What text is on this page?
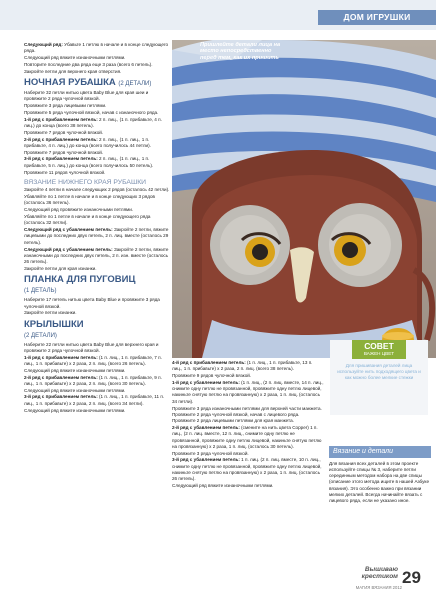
ДОМ ИГРУШКИ

Следующий ряд: Убавьте 1 петлю в начале и в конце следующего ряда.

Следующий ряд вяжите изнаночными петлями.

Повторите последние два ряда еще 3 раза (всего 6 петель).

Закройте петли для верхнего края отверстия.

НОЧНАЯ РУБАШКА (2 ДЕТАЛИ)

Наберите 32 петли нитью цвета Baby Blue для края шеи и провяжите 2 ряда чулочной вязкой.

Провяжите 3 ряда лицевыми петлями.

Провяжите 5 ряда чулочной вязкой, начав с изнаночного ряда.

1-й ряд с прибавлением петель: 2 п. лиц., (1 п. прибавьте, 4 п. лиц.) до конца (всего 38 петель).

Провяжите 7 рядов чулочной вязкой.

2-й ряд с прибавлением петель: 2 п. лиц., (1 п. лиц., 1 п. прибавьте, 4 п. лиц.) до конца (всего получилось 44 петли).

Провяжите 7 рядов чулочной вязкой.

3-й ряд с прибавлением петель: 2 п. лиц., (1 п. лиц., 1 п. прибавьте, 5 п. лиц.) до конца (всего получилось 50 петель).

Провяжите 11 рядов чулочной вязкой.

ВЯЗАНИЕ НИЖНЕГО КРАЯ РУБАШКИ

Закройте 4 петли в начале следующих 2 рядов (осталось 42 петли).

Убавляйте по 1 петле в начале и в конце следующих 3 рядов (осталось 36 петель).

Следующий ряд провяжите изнаночными петлями.

Убавляйте по 1 петле в начале и в конце следующего ряда (осталось 32 петли).

Следующий ряд с убавлением петель: Закройте 2 петли, вяжите лицевыми до последних двух петель, 2 п. лиц. вместе (осталось 29 петель).

Следующий ряд с убавлением петель: Закройте 2 петли, вяжите изнаночными до последних двух петель, 2 п. изн. вместе (осталось 26 петель).

Закройте петли для края изнанки.

ПЛАНКА ДЛЯ ПУГОВИЦ
(1 ДЕТАЛЬ)

Наберите 17 петель нитью цвета Baby Blue и провяжите 3 ряда чулочной вязкой.

Закройте петли изнанки.

КРЫЛЫШКИ
(2 ДЕТАЛИ)

Наберите 22 петли нитью цвета Baby Blue для верхнего края и провяжите 2 ряда чулочной вязкой.

1-й ряд с прибавлением петель: (1 п. лиц., 1 п. прибавьте, 7 п. лиц., 1 п. прибавьте) х 2 раза, 2 п. лиц. (всего 26 петель).

Следующий ряд вяжите изнаночными петлями.

2-й ряд с прибавлением петель: (1 п. лиц., 1 п. прибавьте, 9 п. лиц., 1 п. прибавьте) х 2 раза, 2 п. лиц. (всего 30 петель).

Следующий ряд вяжите изнаночными петлями.

3-й ряд с прибавлением петель: (1 п. лиц., 1 п. прибавьте, 11 п. лиц., 1 п. прибавьте) х 2 раза, 2 п. лиц. (всего 34 петли).

Следующий ряд вяжите изнаночными петлями.

Пришлейте детали лица на место непосредственно перед тем, как их пришить

4-й ряд с прибавлением петель: (1 п. лиц., 1 п. прибавьте, 13 п. лиц., 1 п. прибавьте) х 2 раза, 2 п. лиц. (всего 38 петель).

Провяжите 9 рядов чулочной вязкой.

1-й ряд с убавлением петель: (1 п. лиц., (2 п. лиц. вместе, 14 п. лиц., снимите одну петлю не провязанной, провяжите одну петлю лицевой, накиньте снятую петлю на провязанную) х 2 раза, 1 п. лиц. (осталось 34 петли).

Провяжите 3 ряда изнаночными петлями для верхней части манжета. Провяжите 2 ряда чулочной вязкой, начав с лицевого ряда. Провяжите 2 ряда лицевыми петлями для края манжета.

2-й ряд с убавлением петель: (смените на нить цвета Copper) 1 п. лиц., (2 п. лиц. вместе, 12 п. лиц., снимите одну петлю не провязанной, провяжите одну петлю лицевой, накиньте снятую петлю на провязанную) х 2 раза, 1 п. лиц. (осталось 30 петель).

Провяжите 3 ряда чулочной вязкой.

3-й ряд с убавлением петель: 1 п. лиц. (2 п. лиц. вместе, 10 п. лиц., снимите одну петлю не провязанной, провяжите одну петлю лицевой, накиньте снятую петлю на провязанную) х 2 раза, 1 п. лиц. (осталось 26 петель).

Следующий ряд вяжите изнаночными петлями.

СОВЕТ
ВАЖЕН ЦВЕТ
Для пришивания деталей лица используйте нить подходящего цвета и как можно более мелкие стежки
Вязание и детали

Для вязания всех деталей в этом проекте используйте спицы № 3, наберите петли серединным методом набора на две спицы (описание этого метода ищите в нашей Азбуке вязания). Это особенно важно при вязании мелких деталей. Всегда начинайте вязать с лицевого ряда, если не указано иное.

Вышиваю крестиком
МАГИЯ ВЯЗАНИЯ 2012
29
